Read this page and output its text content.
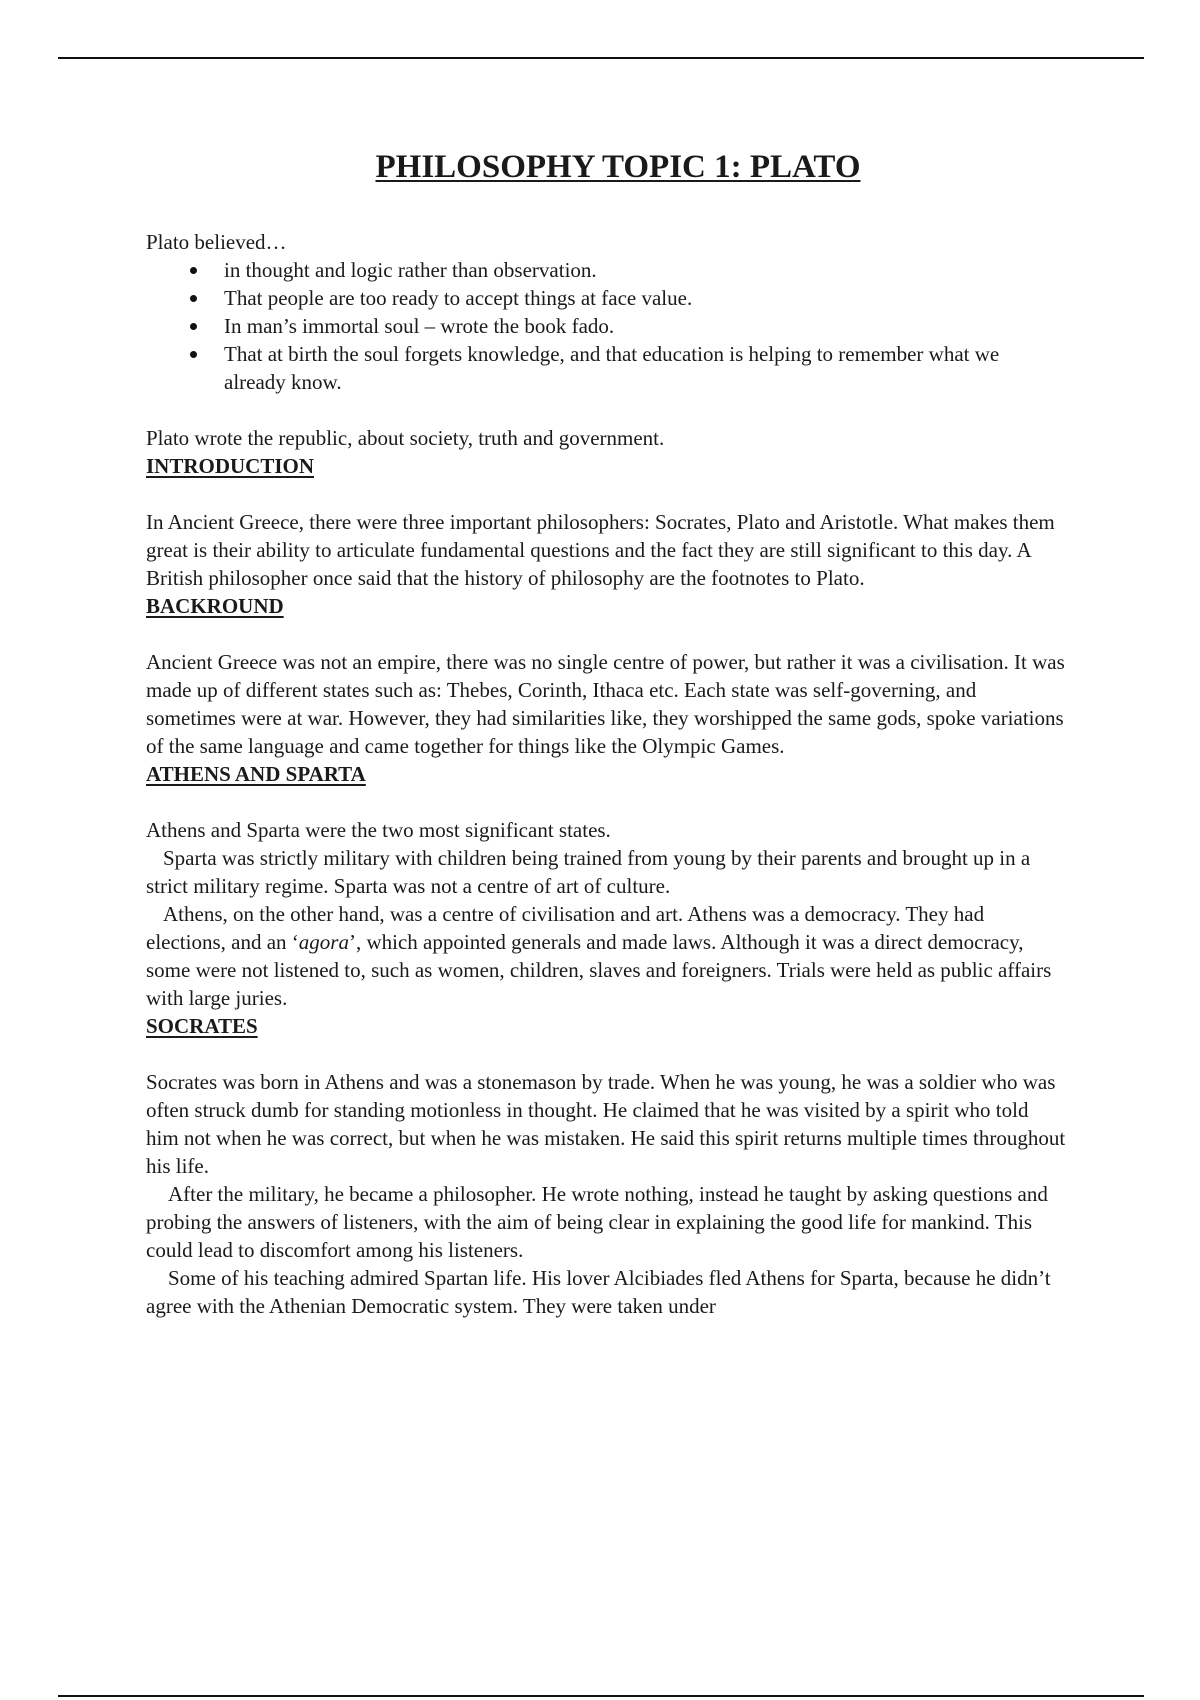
PHILOSOPHY TOPIC 1: PLATO

Plato believed…

in thought and logic rather than observation.
That people are too ready to accept things at face value.
In man’s immortal soul – wrote the book fado.
That at birth the soul forgets knowledge, and that education is helping to remember what we already know.

Plato wrote the republic, about society, truth and government.

INTRODUCTION

In Ancient Greece, there were three important philosophers: Socrates, Plato and Aristotle. What makes them great is their ability to articulate fundamental questions and the fact they are still significant to this day. A British philosopher once said that the history of philosophy are the footnotes to Plato.

BACKROUND

Ancient Greece was not an empire, there was no single centre of power, but rather it was a civilisation. It was made up of different states such as: Thebes, Corinth, Ithaca etc. Each state was self-governing, and sometimes were at war. However, they had similarities like, they worshipped the same gods, spoke variations of the same language and came together for things like the Olympic Games.

ATHENS AND SPARTA

Athens and Sparta were the two most significant states.

Sparta was strictly military with children being trained from young by their parents and brought up in a strict military regime. Sparta was not a centre of art of culture.

Athens, on the other hand, was a centre of civilisation and art. Athens was a democracy. They had elections, and an ‘agora’, which appointed generals and made laws. Although it was a direct democracy, some were not listened to, such as women, children, slaves and foreigners. Trials were held as public affairs with large juries.

SOCRATES

Socrates was born in Athens and was a stonemason by trade. When he was young, he was a soldier who was often struck dumb for standing motionless in thought. He claimed that he was visited by a spirit who told him not when he was correct, but when he was mistaken. He said this spirit returns multiple times throughout his life.

After the military, he became a philosopher. He wrote nothing, instead he taught by asking questions and probing the answers of listeners, with the aim of being clear in explaining the good life for mankind. This could lead to discomfort among his listeners.

Some of his teaching admired Spartan life. His lover Alcibiades fled Athens for Sparta, because he didn’t agree with the Athenian Democratic system. They were taken under
